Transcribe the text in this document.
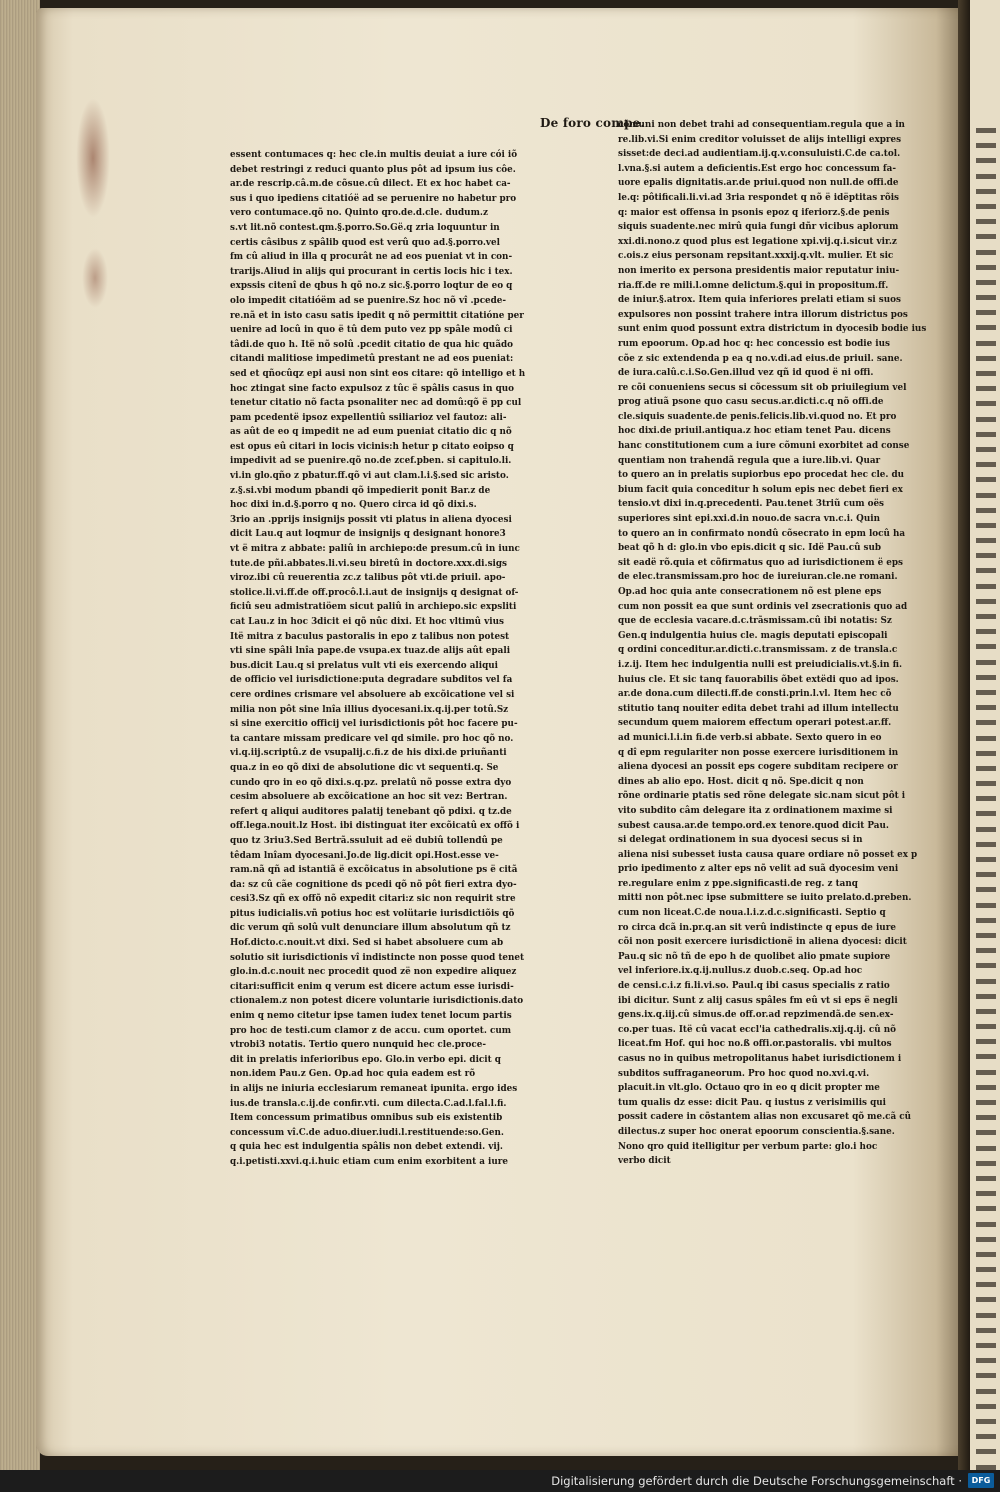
De foro compe.
essent contumaces q: hec cle.in multis deuiat a iure cói iõ
debet restringi z reduci quanto plus pôt ad ipsum ius côe.
ar.de rescrip.câ.m.de cõsue.cû dilect. Et ex hoc habet ca-
sus i quo ipediens citatióë ad se peruenire no habetur pro
vero contumace.qõ no. Quinto qro.de.d.cle. dudum.z
s.vt lit.nõ contest.qm.§.porro.So.Gë.q zria loquuntur in
certis câsibus z spâlib quod est verû quo ad.§.porro.vel
fm cû aliud in illa q procurât ne ad eos pueniat vt in con-
trarijs.Aliud in alijs qui procurant in certis locis hic i tex.
expssis citenî de qbus h qõ no.z sic.§.porro loqtur de eo q
olo impedit citatióëm ad se puenire.Sz hoc nõ vî .pcede-
re.nã et in isto casu satis ipedit q nõ permittit citatióne per
uenire ad locû in quo ë tû dem puto vez pp spâle modû ci
tâdi.de quo h. Itë nõ solû .pcedit citatio de qua hic quãdo
citandi malitiose impedimetû prestant ne ad eos pueniat:
sed et qñocûqz epi ausi non sint eos citare: qõ intelligo et h
hoc ztingat sine facto expulsoz z tûc ë spâlis casus in quo
tenetur citatio nõ facta psonaliter nec ad domû:qõ ë pp cul
pam pcedentë ipsoz expellentiû ssiliarioz vel fautoz: ali-
as aût de eo q impedit ne ad eum pueniat citatio dic q nõ
est opus eû citari in locis vicinis:h hetur p citato eoipso q
impedivit ad se puenire.qõ no.de zcef.pben. si capitulo.li.
vi.in glo.qño z pbatur.ff.qõ vi aut clam.l.i.§.sed sic aristo.
z.§.si.vbi modum pbandi qõ impedierit ponit Bar.z de
hoc dixi in.d.§.porro q no. Quero circa id qõ dixi.s.
3rio an .pprijs insignijs possit vti platus in aliena dyocesi
dicit Lau.q aut loqmur de insignijs q designant honore3
vt ë mitra z abbate: paliû in archiepo:de presum.cû in iunc
tute.de pñi.abbates.li.vi.seu biretû in doctore.xxx.di.sigs
viroz.ibi cû reuerentia zc.z talibus pôt vti.de priuil. apo-
stolice.li.vi.ff.de off.procô.l.i.aut de insignijs q designat of-
ficiû seu admistratiöem sicut paliû in archiepo.sic expsliti
cat Lau.z in hoc 3dicit ei qõ nûc dixi. Et hoc vltimû vius
Itë mitra z baculus pastoralis in epo z talibus non potest
vti sine spâli lnîa pape.de vsupa.ex tuaz.de alijs aût epali
bus.dicit Lau.q si prelatus vult vti eis exercendo aliqui
de officio vel iurisdictione:puta degradare subditos vel fa
cere ordines crismare vel absoluere ab excõicatione vel si
milia non pôt sine lnîa illius dyocesani.ix.q.ij.per totû.Sz
si sine exercitio officij vel iurisdictionis pôt hoc facere pu-
ta cantare missam predicare vel qd simile. pro hoc qõ no.
vi.q.iij.scriptû.z de vsupalij.c.fi.z de his dixi.de priuñanti
qua.z in eo qõ dixi de absolutione dic vt sequenti.q. Se
cundo qro in eo qõ dixi.s.q.pz. prelatû nõ posse extra dyo
cesim absoluere ab excõicatione an hoc sit vez: Bertran.
refert q aliqui auditores palatij tenebant qõ pdixi. q tz.de
off.lega.nouit.lz Host. ibi distinguat iter excõicatû ex offõ i
quo tz 3riu3.Sed Bertrã.ssuluit ad eë dubiû tollendû pe
têdam lnîam dyocesani.Jo.de lig.dicit opi.Host.esse ve-
ram.nã qñ ad istantiã ë excõicatus in absolutione ps ë citã
da: sz cû cãe cognitione ds pcedi qõ nõ pôt fieri extra dyo-
cesi3.Sz qñ ex offõ nõ expedit citari:z sic non requirit stre
pitus iudicialis.vñ potius hoc est volütarie iurisdictiõis qõ
dic verum qñ solû vult denunciare illum absolutum qñ tz
Hof.dicto.c.nouit.vt dixi. Sed si habet absoluere cum ab
solutio sit iurisdictionis vî indistincte non posse quod tenet
glo.in.d.c.nouit nec procedit quod zë non expedire aliquez
citari:sufficit enim q verum est dicere actum esse iurisdi-
ctionalem.z non potest dicere voluntarie iurisdictionis.dato
enim q nemo citetur ipse tamen iudex tenet locum partis
pro hoc de testi.cum clamor z de accu. cum oportet. cum
vtrobi3 notatis. Tertio quero nunquid hec cle.proce-
dit in prelatis inferioribus epo. Glo.in verbo epi. dicit q
non.idem Pau.z Gen. Op.ad hoc quia eadem est rõ
in alijs ne iniuria ecclesiarum remaneat ipunita. ergo ides
ius.de transla.c.ij.de confir.vti. cum dilecta.C.ad.l.fal.l.fi.
Item concessum primatibus omnibus sub eis existentib
concessum vî.C.de aduo.diuer.iudi.l.restituende:so.Gen.
q quia hec est indulgentia spâlis non debet extendi. vij.
q.i.petisti.xxvi.q.i.huic etiam cum enim exorbitent a iure
cõmuni non debet trahi ad consequentiam.regula que a in
re.lib.vi.Si enim creditor voluisset de alijs intelligi expres
sisset:de deci.ad audientiam.ij.q.v.consuluisti.C.de ca.tol.
l.vna.§.si autem a deficientis.Est ergo hoc concessum fa-
uore epalis dignitatis.ar.de priui.quod non null.de offi.de
le.q: pôtificali.li.vi.ad 3ria respondet q nõ ë idëptitas rõis
q: maior est offensa in psonis epoz q iferiorz.§.de penis
siquis suadente.nec mirû quia fungi dñr vicibus aplorum
xxi.di.nono.z quod plus est legatione xpi.vij.q.i.sicut vir.z
c.ois.z eius personam repsitant.xxxij.q.vlt. mulier. Et sic
non imerito ex persona presidentis maior reputatur iniu-
ria.ff.de re mili.l.omne delictum.§.qui in propositum.ff.
de iniur.§.atrox. Item quia inferiores prelati etiam si suos
expulsores non possint trahere intra illorum districtus pos
sunt enim quod possunt extra districtum in dyocesib bodie ius
rum epoorum. Op.ad hoc q: hec concessio est bodie ius
cõe z sic extendenda p ea q no.v.di.ad eius.de priuil. sane.
de iura.calû.c.i.So.Gen.illud vez qñ id quod ë ni offi.
re cõi conueniens secus si cõcessum sit ob priuilegium vel
prog atiuã psone quo casu secus.ar.dicti.c.q nõ offi.de
cle.siquis suadente.de penis.felicis.lib.vi.quod no. Et pro
hoc dixi.de priuil.antiqua.z hoc etiam tenet Pau. dicens
hanc constitutionem cum a iure cõmuni exorbitet ad conse
quentiam non trahendã regula que a iure.lib.vi. Quar
to quero an in prelatis supiorbus epo procedat hec cle. du
bium facit quia conceditur h solum epis nec debet fieri ex
tensio.vt dixi in.q.precedenti. Pau.tenet 3triũ cum oës
superiores sint epi.xxi.d.in nouo.de sacra vn.c.i. Quin
to quero an in confirmato nondû cõsecrato in epm locû ha
beat qõ h d: glo.in vbo epis.dicit q sic. Idë Pau.cû sub
sit eadë rõ.quia et cõfirmatus quo ad iurisdictionem ë eps
de elec.transmissam.pro hoc de iureiuran.cle.ne romani.
Op.ad hoc quia ante consecrationem nõ est plene eps
cum non possit ea que sunt ordinis vel zsecrationis quo ad
que de ecclesia vacare.d.c.trãsmissam.cû ibi notatis: Sz
Gen.q indulgentia huius cle. magis deputati episcopali
q ordini conceditur.ar.dicti.c.transmissam. z de transla.c
i.z.ij. Item hec indulgentia nulli est preiudicialis.vt.§.in fi.
huius cle. Et sic tanq fauorabilis õbet extëdi quo ad ipos.
ar.de dona.cum dilecti.ff.de consti.prin.l.vl. Item hec cõ
stitutio tanq nouiter edita debet trahi ad illum intellectu
secundum quem maiorem effectum operari potest.ar.ff.
ad munici.l.i.in fi.de verb.si abbate. Sexto quero in eo
q dî epm regulariter non posse exercere iurisditionem in
aliena dyocesi an possit eps cogere subditam recipere or
dines ab alio epo. Host. dicit q nõ. Spe.dicit q non
rõne ordinarie ptatis sed rõne delegate sic.nam sicut pôt i
vito subdito câm delegare ita z ordinationem maxime si
subest causa.ar.de tempo.ord.ex tenore.quod dicit Pau.
si delegat ordinationem in sua dyocesi secus si in
aliena nisi subesset iusta causa quare ordiare nõ posset ex p
prio ipedimento z alter eps nõ velit ad suã dyocesim veni
re.regulare enim z ppe.significasti.de reg. z tanq
mitti non pôt.nec ipse submittere se iuito prelato.d.preben.
cum non liceat.C.de noua.l.i.z.d.c.significasti. Septio q
ro circa dcã in.pr.q.an sit verû indistincte q epus de iure
cõi non posit exercere iurisdictionë in aliena dyocesi: dicit
Pau.q sic nõ tñ de epo h de quolibet alio pmate supiore
vel inferiore.ix.q.ij.nullus.z duob.c.seq. Op.ad hoc
de censi.c.i.z fi.li.vi.so. Paul.q ibi casus specialis z ratio
ibi dicitur. Sunt z alij casus spâles fm eû vt si eps ë negli
gens.ix.q.iij.cû simus.de off.or.ad repzimendã.de sen.ex-
co.per tuas. Itë cû vacat eccl'ia cathedralis.xij.q.ij. cû nõ
liceat.fm Hof. qui hoc no.ß offi.or.pastoralis. vbi multos
casus no in quibus metropolitanus habet iurisdictionem i
subditos suffraganeorum. Pro hoc quod no.xvi.q.vi.
placuit.in vlt.glo. Octauo qro in eo q dicit propter me
tum qualis dz esse: dicit Pau. q iustus z verisimilis qui
possit cadere in cõstantem alias non excusaret qõ me.cã cû
dilectus.z super hoc onerat epoorum conscientia.§.sane.
Nono qro quid itelligitur per verbum parte: glo.i hoc
verbo dicit
Digitalisierung gefördert durch die Deutsche Forschungsgemeinschaft ·	DFG
